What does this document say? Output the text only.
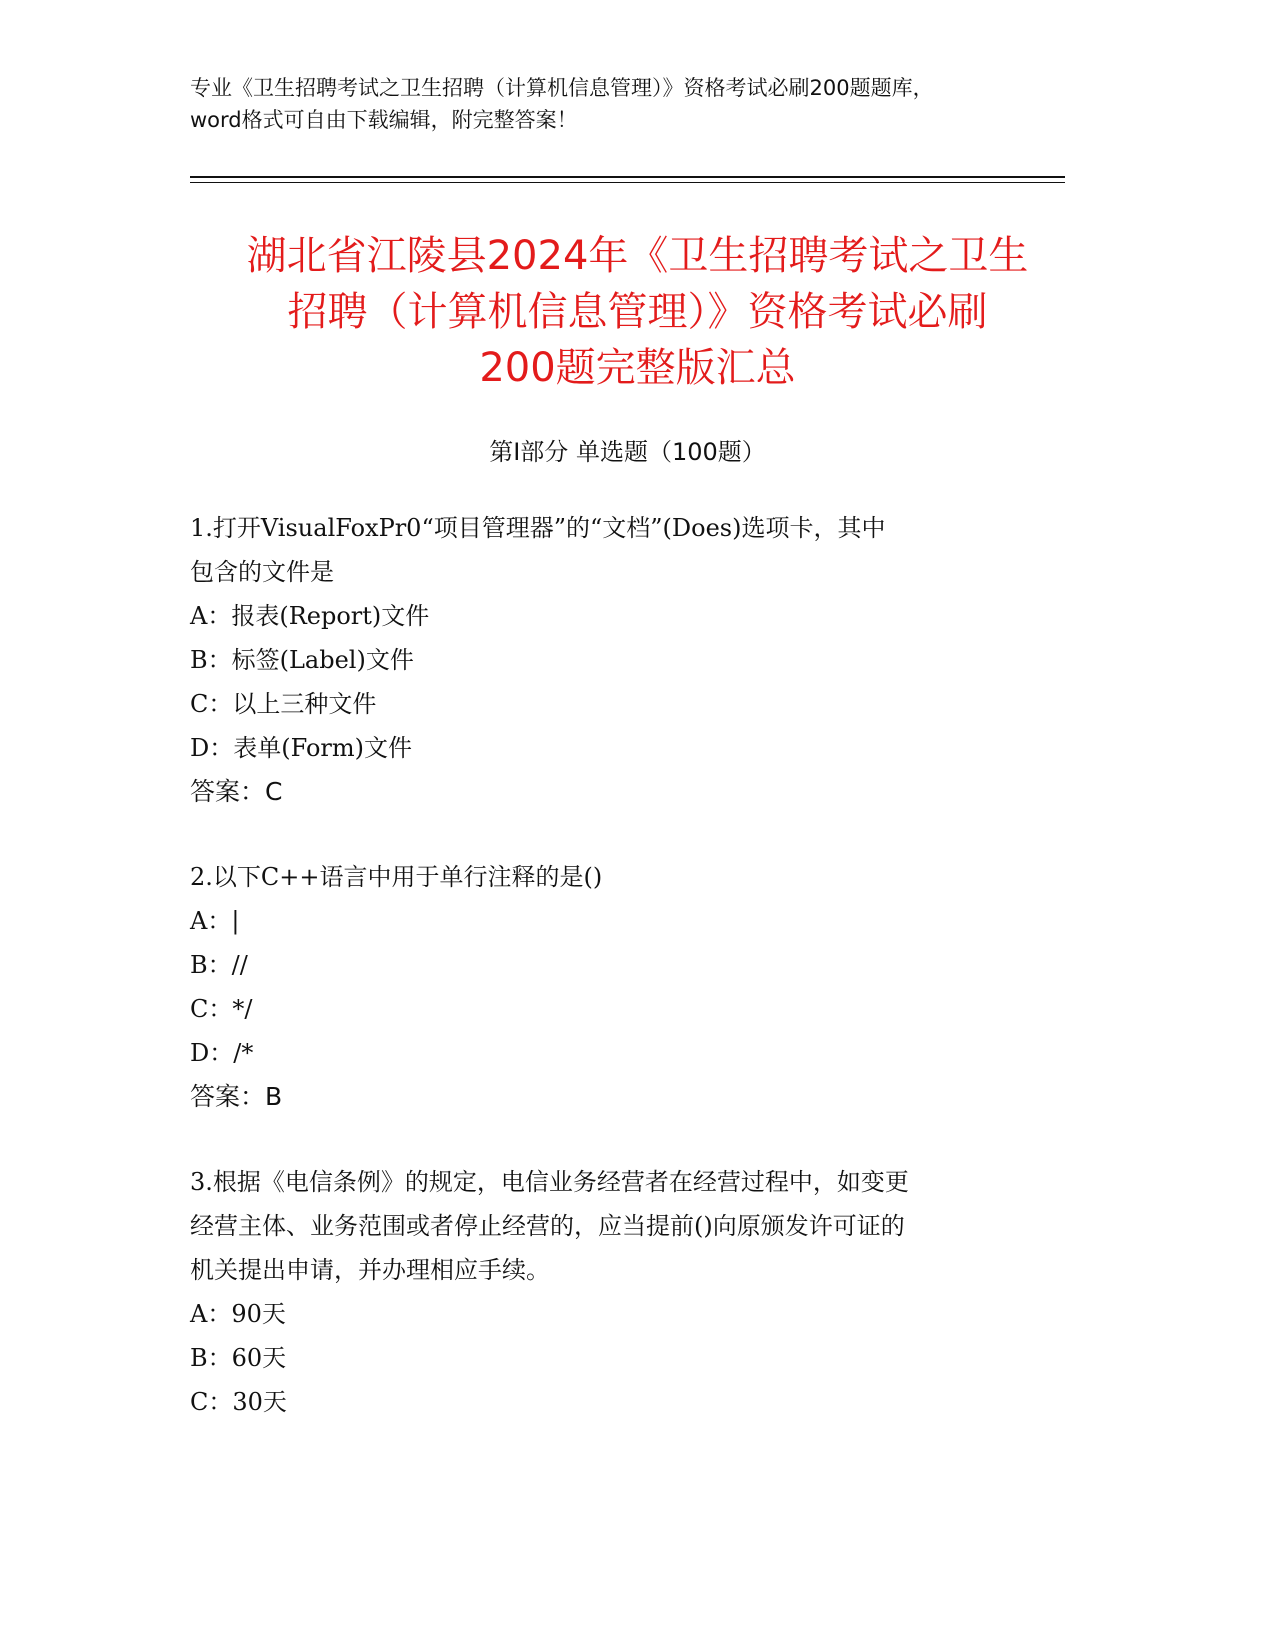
专业《卫生招聘考试之卫生招聘（计算机信息管理）》资格考试必刷200题题库，
word格式可自由下载编辑，附完整答案！
湖北省江陵县2024年《卫生招聘考试之卫生
招聘（计算机信息管理）》资格考试必刷
200题完整版汇总
第Ⅰ部分 单选题（100题）

1.打开VisualFoxPr0“项目管理器”的“文档”(Does)选项卡，其中

包含的文件是

A：报表(Report)文件

B：标签(Label)文件

C：以上三种文件

D：表单(Form)文件

答案：C

2.以下C++语言中用于单行注释的是()

A：|

B：//

C：*/

D：/*

答案：B

3.根据《电信条例》的规定，电信业务经营者在经营过程中，如变更

经营主体、业务范围或者停止经营的，应当提前()向原颁发许可证的

机关提出申请，并办理相应手续。

A：90天

B：60天

C：30天
